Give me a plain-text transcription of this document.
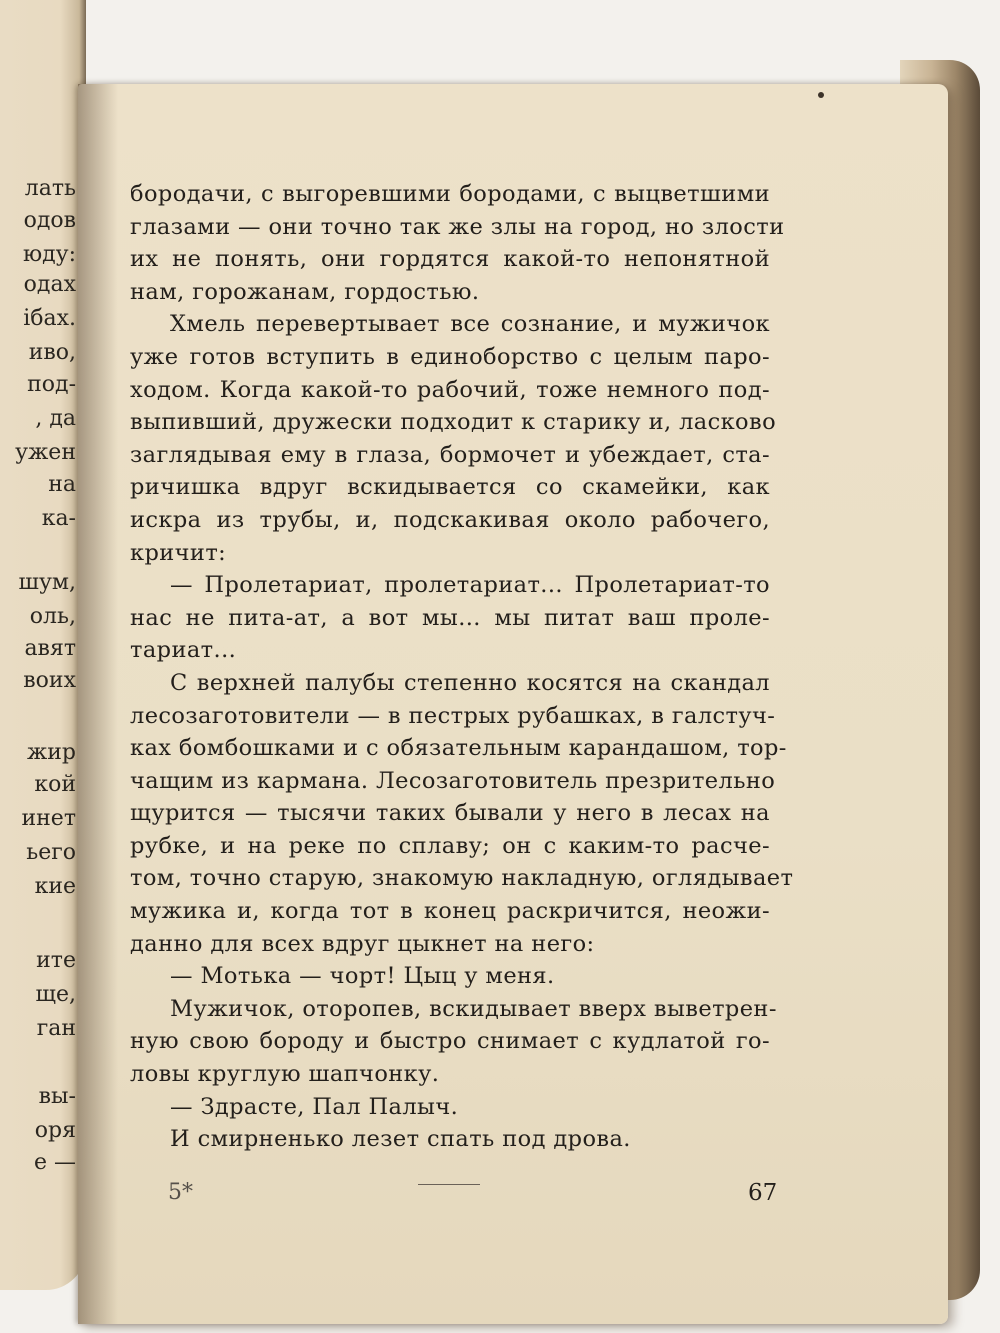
лать
одов
юду:
одах
ібах.
иво,
под-
, да
ужен
на
ка-
шум,
оль,
авят
воих
жир
кой
инет
ьего
кие
ите
ще,
ган
вы-
оря
е —
бородачи, с выгоревшими бородами, с выцветшими
глазами — они точно так же злы на город, но злости
их не понять, они гордятся какой-то непонятной
нам, горожанам, гордостью.
Хмель перевертывает все сознание, и мужичок
уже готов вступить в единоборство с целым паро-
ходом. Когда какой-то рабочий, тоже немного под-
выпивший, дружески подходит к старику и, ласково
заглядывая ему в глаза, бормочет и убеждает, ста-
ричишка вдруг вскидывается со скамейки, как
искра из трубы, и, подскакивая около рабочего,
кричит:
— Пролетариат, пролетариат... Пролетариат-то
нас не пита-ат, а вот мы... мы питат ваш проле-
тариат...
С верхней палубы степенно косятся на скандал
лесозаготовители — в пестрых рубашках, в галстуч-
ках бомбошками и с обязательным карандашом, тор-
чащим из кармана. Лесозаготовитель презрительно
щурится — тысячи таких бывали у него в лесах на
рубке, и на реке по сплаву; он с каким-то расче-
том, точно старую, знакомую накладную, оглядывает
мужика и, когда тот в конец раскричится, неожи-
данно для всех вдруг цыкнет на него:
— Мотька — чорт! Цыц у меня.
Мужичок, оторопев, вскидывает вверх выветрен-
ную свою бороду и быстро снимает с кудлатой го-
ловы круглую шапчонку.
— Здрасте, Пал Палыч.
И смирненько лезет спать под дрова.
5*	67
